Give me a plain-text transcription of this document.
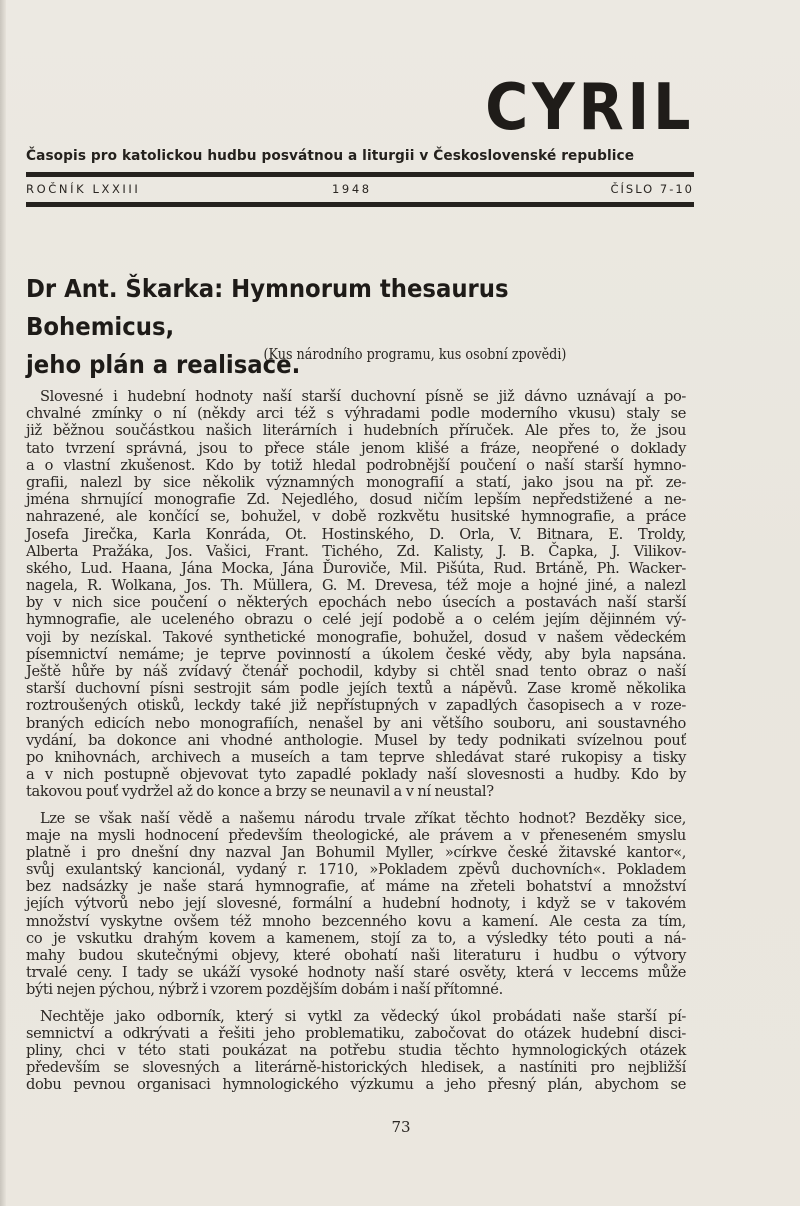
CYRIL
Časopis pro katolickou hudbu posvátnou a liturgii v Československé republice
ROČNÍK LXXIII	1948	ČÍSLO 7-10
Dr Ant. Škarka: Hymnorum thesaurus Bohemicus,
jeho plán a realisace.
(Kus národního programu, kus osobní zpovědi)
Slovesné i hudební hodnoty naší starší duchovní písně se již dávno uznávají a po-
chvalné zmínky o ní (někdy arci též s výhradami podle moderního vkusu) staly se
již běžnou součástkou našich literárních i hudebních příruček. Ale přes to, že jsou
tato tvrzení správná, jsou to přece stále jenom klišé a fráze, neopřené o doklady
a o vlastní zkušenost. Kdo by totiž hledal podrobnější poučení o naší starší hymno-
grafii, nalezl by sice několik významných monografií a statí, jako jsou na př. ze-
jména shrnující monografie Zd. Nejedlého, dosud ničím lepším nepředstižené a ne-
nahrazené, ale končící se, bohužel, v době rozkvětu husitské hymnografie, a práce
Josefa Jirečka, Karla Konráda, Ot. Hostinského, D. Orla, V. Bitnara, E. Troldy,
Alberta Pražáka, Jos. Vašici, Frant. Tichého, Zd. Kalisty, J. B. Čapka, J. Vilikov-
ského, Lud. Haana, Jána Mocka, Jána Ďuroviče, Mil. Pišúta, Rud. Brtáně, Ph. Wacker-
nagela, R. Wolkana, Jos. Th. Müllera, G. M. Drevesa, též moje a hojné jiné, a nalezl
by v nich sice poučení o některých epochách nebo úsecích a postavách naší starší
hymnografie, ale uceleného obrazu o celé její podobě a o celém jejím dějinném vý-
voji by nezískal. Takové synthetické monografie, bohužel, dosud v našem vědeckém
písemnictví nemáme; je teprve povinností a úkolem české vědy, aby byla napsána.
Ještě hůře by náš zvídavý čtenář pochodil, kdyby si chtěl snad tento obraz o naší
starší duchovní písni sestrojit sám podle jejích textů a nápěvů. Zase kromě několika
roztroušených otisků, leckdy také již nepřístupných v zapadlých časopisech a v roze-
braných edicích nebo monografiích, nenašel by ani většího souboru, ani soustavného
vydání, ba dokonce ani vhodné anthologie. Musel by tedy podnikati svízelnou pouť
po knihovnách, archivech a museích a tam teprve shledávat staré rukopisy a tisky
a v nich postupně objevovat tyto zapadlé poklady naší slovesnosti a hudby. Kdo by
takovou pouť vydržel až do konce a brzy se neunavil a v ní neustal?
Lze se však naší vědě a našemu národu trvale zříkat těchto hodnot? Bezděky sice,
maje na mysli hodnocení především theologické, ale právem a v přeneseném smyslu
platně i pro dnešní dny nazval Jan Bohumil Myller, »církve české žitavské kantor«,
svůj exulantský kancionál, vydaný r. 1710, »Pokladem zpěvů duchovních«. Pokladem
bez nadsázky je naše stará hymnografie, ať máme na zřeteli bohatství a množství
jejích výtvorů nebo její slovesné, formální a hudební hodnoty, i když se v takovém
množství vyskytne ovšem též mnoho bezcenného kovu a kamení. Ale cesta za tím,
co je vskutku drahým kovem a kamenem, stojí za to, a výsledky této pouti a ná-
mahy budou skutečnými objevy, které obohatí naši literaturu i hudbu o výtvory
trvalé ceny. I tady se ukáží vysoké hodnoty naší staré osvěty, která v leccems může
býti nejen pýchou, nýbrž i vzorem pozdějším dobám i naší přítomné.
Nechtěje jako odborník, který si vytkl za vědecký úkol probádati naše starší pí-
semnictví a odkrývati a řešiti jeho problematiku, zabočovat do otázek hudební disci-
pliny, chci v této stati poukázat na potřebu studia těchto hymnologických otázek
především se slovesných a literárně-historických hledisek, a nastíniti pro nejbližší
dobu pevnou organisaci hymnologického výzkumu a jeho přesný plán, abychom se
73
